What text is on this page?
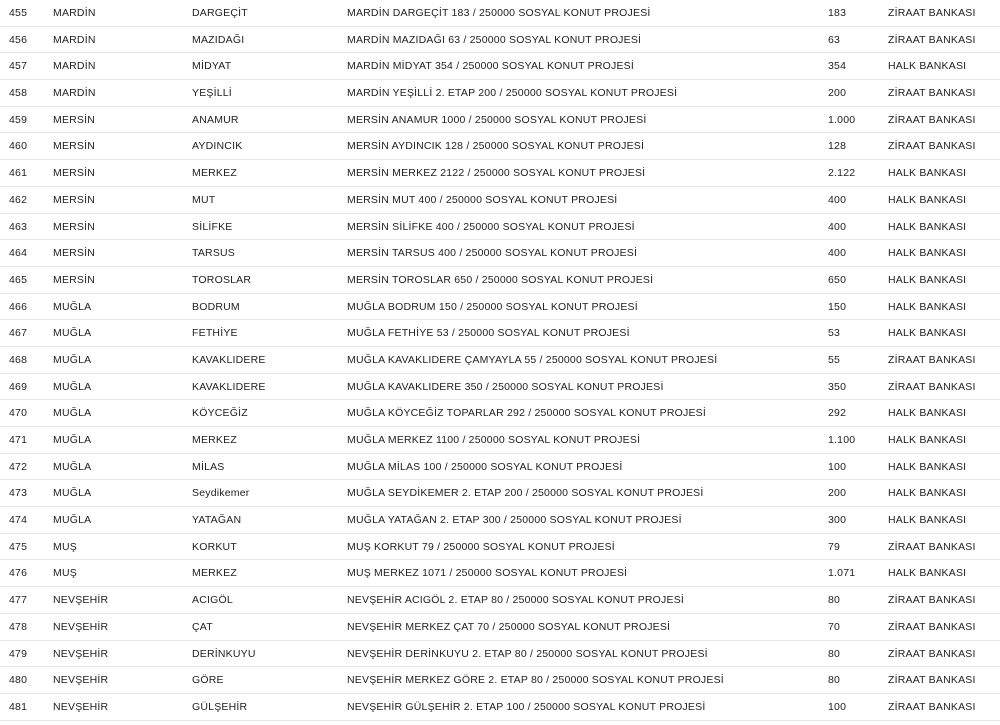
455 MARDİN	DARGEÇİT	MARDİN DARGEÇİT 183 / 250000 SOSYAL KONUT PROJESİ	183	ZİRAAT BANKASI
456 MARDİN	MAZIDAĞI	MARDİN MAZIDAĞI 63 / 250000 SOSYAL KONUT PROJESİ	63	ZİRAAT BANKASI
457 MARDİN	MİDYAT	MARDİN MİDYAT 354 / 250000 SOSYAL KONUT PROJESİ	354	HALK BANKASI
458 MARDİN	YEŞİLLİ	MARDİN YEŞİLLİ 2. ETAP 200 / 250000 SOSYAL KONUT PROJESİ	200	ZİRAAT BANKASI
459 MERSİN	ANAMUR	MERSİN ANAMUR 1000 / 250000 SOSYAL KONUT PROJESİ	1.000	ZİRAAT BANKASI
460 MERSİN	AYDINCIK	MERSİN AYDINCIK 128 / 250000 SOSYAL KONUT PROJESİ	128	ZİRAAT BANKASI
461 MERSİN	MERKEZ	MERSİN MERKEZ 2122 / 250000 SOSYAL KONUT PROJESİ	2.122	HALK BANKASI
462 MERSİN	MUT	MERSİN MUT 400 / 250000 SOSYAL KONUT PROJESİ	400	HALK BANKASI
463 MERSİN	SİLİFKE	MERSİN SİLİFKE 400 / 250000 SOSYAL KONUT PROJESİ	400	HALK BANKASI
464 MERSİN	TARSUS	MERSİN TARSUS 400 / 250000 SOSYAL KONUT PROJESİ	400	HALK BANKASI
465 MERSİN	TOROSLAR	MERSİN TOROSLAR 650 / 250000 SOSYAL KONUT PROJESİ	650	HALK BANKASI
466 MUĞLA	BODRUM	MUĞLA BODRUM 150 / 250000 SOSYAL KONUT PROJESİ	150	HALK BANKASI
467 MUĞLA	FETHİYE	MUĞLA FETHİYE 53 / 250000 SOSYAL KONUT PROJESİ	53	HALK BANKASI
468 MUĞLA	KAVAKLIDERE	MUĞLA KAVAKLIDERE ÇAMYAYLA 55 / 250000 SOSYAL KONUT PROJESİ	55	ZİRAAT BANKASI
469 MUĞLA	KAVAKLIDERE	MUĞLA KAVAKLIDERE 350 / 250000 SOSYAL KONUT PROJESİ	350	ZİRAAT BANKASI
470 MUĞLA	KÖYCEĞİZ	MUĞLA KÖYCEĞİZ TOPARLAR 292 / 250000 SOSYAL KONUT PROJESİ	292	HALK BANKASI
471 MUĞLA	MERKEZ	MUĞLA MERKEZ 1100 / 250000 SOSYAL KONUT PROJESİ	1.100	HALK BANKASI
472 MUĞLA	MİLAS	MUĞLA MİLAS 100 / 250000 SOSYAL KONUT PROJESİ	100	HALK BANKASI
473 MUĞLA	Seydikemer	MUĞLA SEYDİKEMER 2. ETAP 200 / 250000 SOSYAL KONUT PROJESİ	200	HALK BANKASI
474 MUĞLA	YATAĞAN	MUĞLA YATAĞAN 2. ETAP 300 / 250000 SOSYAL KONUT PROJESİ	300	HALK BANKASI
475 MUŞ	KORKUT	MUŞ KORKUT 79 / 250000 SOSYAL KONUT PROJESİ	79	ZİRAAT BANKASI
476 MUŞ	MERKEZ	MUŞ MERKEZ 1071 / 250000 SOSYAL KONUT PROJESİ	1.071	HALK BANKASI
477 NEVŞEHİR	ACIGÖL	NEVŞEHİR ACIGÖL 2. ETAP 80 / 250000 SOSYAL KONUT PROJESİ	80	ZİRAAT BANKASI
478 NEVŞEHİR	ÇAT	NEVŞEHİR MERKEZ ÇAT 70 / 250000 SOSYAL KONUT PROJESİ	70	ZİRAAT BANKASI
479 NEVŞEHİR	DERİNKUYU	NEVŞEHİR DERİNKUYU 2. ETAP 80 / 250000 SOSYAL KONUT PROJESİ	80	ZİRAAT BANKASI
480 NEVŞEHİR	GÖRE	NEVŞEHİR MERKEZ GÖRE 2. ETAP 80 / 250000 SOSYAL KONUT PROJESİ	80	ZİRAAT BANKASI
481 NEVŞEHİR	GÜLŞEHİR	NEVŞEHİR GÜLŞEHİR 2. ETAP 100 / 250000 SOSYAL KONUT PROJESİ	100	ZİRAAT BANKASI
